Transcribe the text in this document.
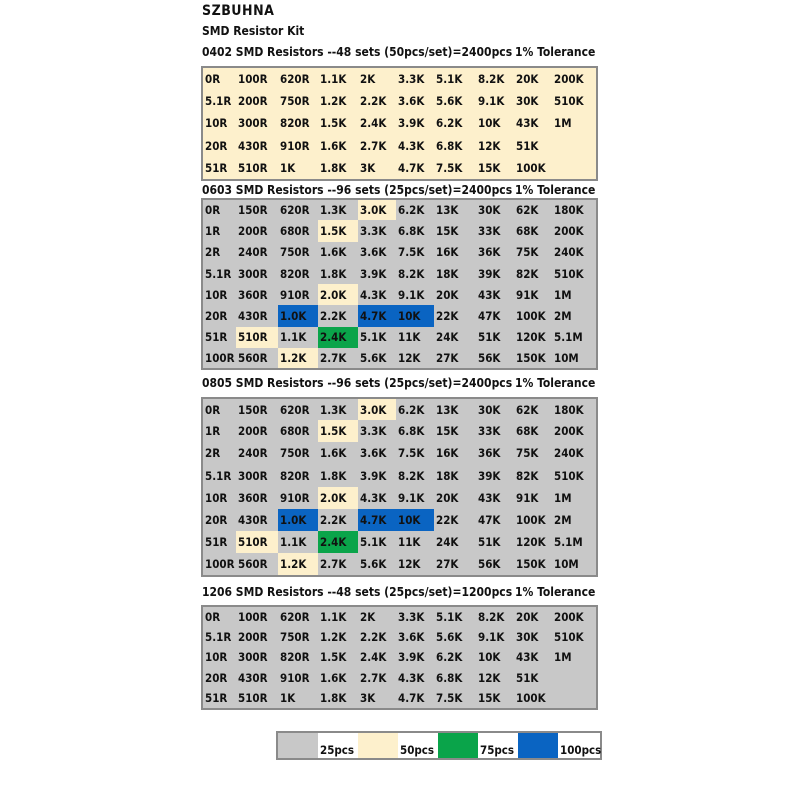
SZBUHNA
SMD Resistor Kit
0402 SMD Resistors --48 sets (50pcs/set)=2400pcs 1% Tolerance
0R	100R	620R	1.1K	2K	3.3K	5.1K	8.2K	20K	200K
5.1R	200R	750R	1.2K	2.2K	3.6K	5.6K	9.1K	30K	510K
10R	300R	820R	1.5K	2.4K	3.9K	6.2K	10K	43K	1M
20R	430R	910R	1.6K	2.7K	4.3K	6.8K	12K	51K	
51R	510R	1K	1.8K	3K	4.7K	7.5K	15K	100K	
0603 SMD Resistors --96 sets (25pcs/set)=2400pcs 1% Tolerance
0R	150R	620R	1.3K	3.0K	6.2K	13K	30K	62K	180K
1R	200R	680R	1.5K	3.3K	6.8K	15K	33K	68K	200K
2R	240R	750R	1.6K	3.6K	7.5K	16K	36K	75K	240K
5.1R	300R	820R	1.8K	3.9K	8.2K	18K	39K	82K	510K
10R	360R	910R	2.0K	4.3K	9.1K	20K	43K	91K	1M
20R	430R	1.0K	2.2K	4.7K	10K	22K	47K	100K	2M
51R	510R	1.1K	2.4K	5.1K	11K	24K	51K	120K	5.1M
100R	560R	1.2K	2.7K	5.6K	12K	27K	56K	150K	10M
0805 SMD Resistors --96 sets (25pcs/set)=2400pcs 1% Tolerance
0R	150R	620R	1.3K	3.0K	6.2K	13K	30K	62K	180K
1R	200R	680R	1.5K	3.3K	6.8K	15K	33K	68K	200K
2R	240R	750R	1.6K	3.6K	7.5K	16K	36K	75K	240K
5.1R	300R	820R	1.8K	3.9K	8.2K	18K	39K	82K	510K
10R	360R	910R	2.0K	4.3K	9.1K	20K	43K	91K	1M
20R	430R	1.0K	2.2K	4.7K	10K	22K	47K	100K	2M
51R	510R	1.1K	2.4K	5.1K	11K	24K	51K	120K	5.1M
100R	560R	1.2K	2.7K	5.6K	12K	27K	56K	150K	10M
1206 SMD Resistors --48 sets (25pcs/set)=1200pcs 1% Tolerance
0R	100R	620R	1.1K	2K	3.3K	5.1K	8.2K	20K	200K
5.1R	200R	750R	1.2K	2.2K	3.6K	5.6K	9.1K	30K	510K
10R	300R	820R	1.5K	2.4K	3.9K	6.2K	10K	43K	1M
20R	430R	910R	1.6K	2.7K	4.3K	6.8K	12K	51K	
51R	510R	1K	1.8K	3K	4.7K	7.5K	15K	100K	
25pcs	50pcs	75pcs	100pcs
